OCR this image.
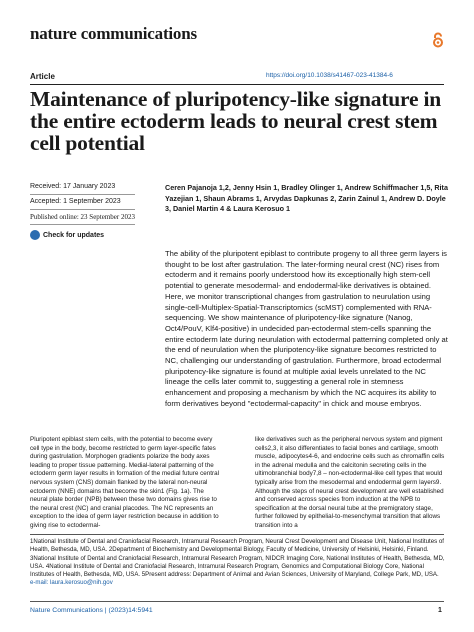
nature communications
Article	https://doi.org/10.1038/s41467-023-41384-6
Maintenance of pluripotency-like signature in the entire ectoderm leads to neural crest stem cell potential
Received: 17 January 2023
Accepted: 1 September 2023
Published online: 23 September 2023
Check for updates
Ceren Pajanoja 1,2, Jenny Hsin 1, Bradley Olinger 1, Andrew Schiffmacher 1,5, Rita Yazejian 1, Shaun Abrams 1, Arvydas Dapkunas 2, Zarin Zainul 1, Andrew D. Doyle 3, Daniel Martin 4 & Laura Kerosuo 1
The ability of the pluripotent epiblast to contribute progeny to all three germ layers is thought to be lost after gastrulation. The later-forming neural crest (NC) rises from ectoderm and it remains poorly understood how its exceptionally high stem-cell potential to generate mesodermal- and endodermal-like derivatives is obtained. Here, we monitor transcriptional changes from gastrulation to neurulation using single-cell-Multiplex-Spatial-Transcriptomics (scMST) complemented with RNA-sequencing. We show maintenance of pluripotency-like signature (Nanog, Oct4/PouV, Klf4-positive) in undecided pan-ectodermal stem-cells spanning the entire ectoderm late during neurulation with ectodermal patterning completed only at the end of neurulation when the pluripotency-like signature becomes restricted to NC, challenging our understanding of gastrulation. Furthermore, broad ectodermal pluripotency-like signature is found at multiple axial levels unrelated to the NC lineage the cells later commit to, suggesting a general role in stemness enhancement and proposing a mechanism by which the NC acquires its ability to form derivatives beyond "ectodermal-capacity" in chick and mouse embryos.
Pluripotent epiblast stem cells, with the potential to become every cell type in the body, become restricted to germ layer-specific fates during gastrulation. Morphogen gradients polarize the body axes leading to proper tissue patterning. Medial-lateral patterning of the ectoderm germ layer results in formation of the medial future central nervous system (CNS) domain flanked by the lateral non-neural ectoderm (NNE) domains that become the skin1 (Fig. 1a). The neural plate border (NPB) between these two domains gives rise to the neural crest (NC) and cranial placodes. The NC represents an exception to the idea of germ layer restriction because in addition to giving rise to ectodermal-
like derivatives such as the peripheral nervous system and pigment cells2,3, it also differentiates to facial bones and cartilage, smooth muscle, adipocytes4-6, and endocrine cells such as chromaffin cells in the adrenal medulla and the calcitonin secreting cells in the ultimobranchial body7,8 – non-ectodermal-like cell types that would typically arise from the mesodermal and endodermal germ layers9. Although the steps of neural crest development are well established and conserved across species from induction at the NPB to specification at the dorsal neural tube at the premigratory stage, further followed by epithelial-to-mesenchymal transition that allows transition into a
1National Institute of Dental and Craniofacial Research, Intramural Research Program, Neural Crest Development and Disease Unit, National Institutes of Health, Bethesda, MD, USA. 2Department of Biochemistry and Developmental Biology, Faculty of Medicine, University of Helsinki, Helsinki, Finland. 3National Institute of Dental and Craniofacial Research, Intramural Research Program, NIDCR Imaging Core, National Institutes of Health, Bethesda, MD, USA. 4National Institute of Dental and Craniofacial Research, Intramural Research Program, Genomics and Computational Biology Core, National Institutes of Health, Bethesda, MD, USA. 5Present address: Department of Animal and Avian Sciences, University of Maryland, College Park, MD, USA. e-mail: laura.kerosuo@nih.gov
Nature Communications | (2023)14:5941	1
